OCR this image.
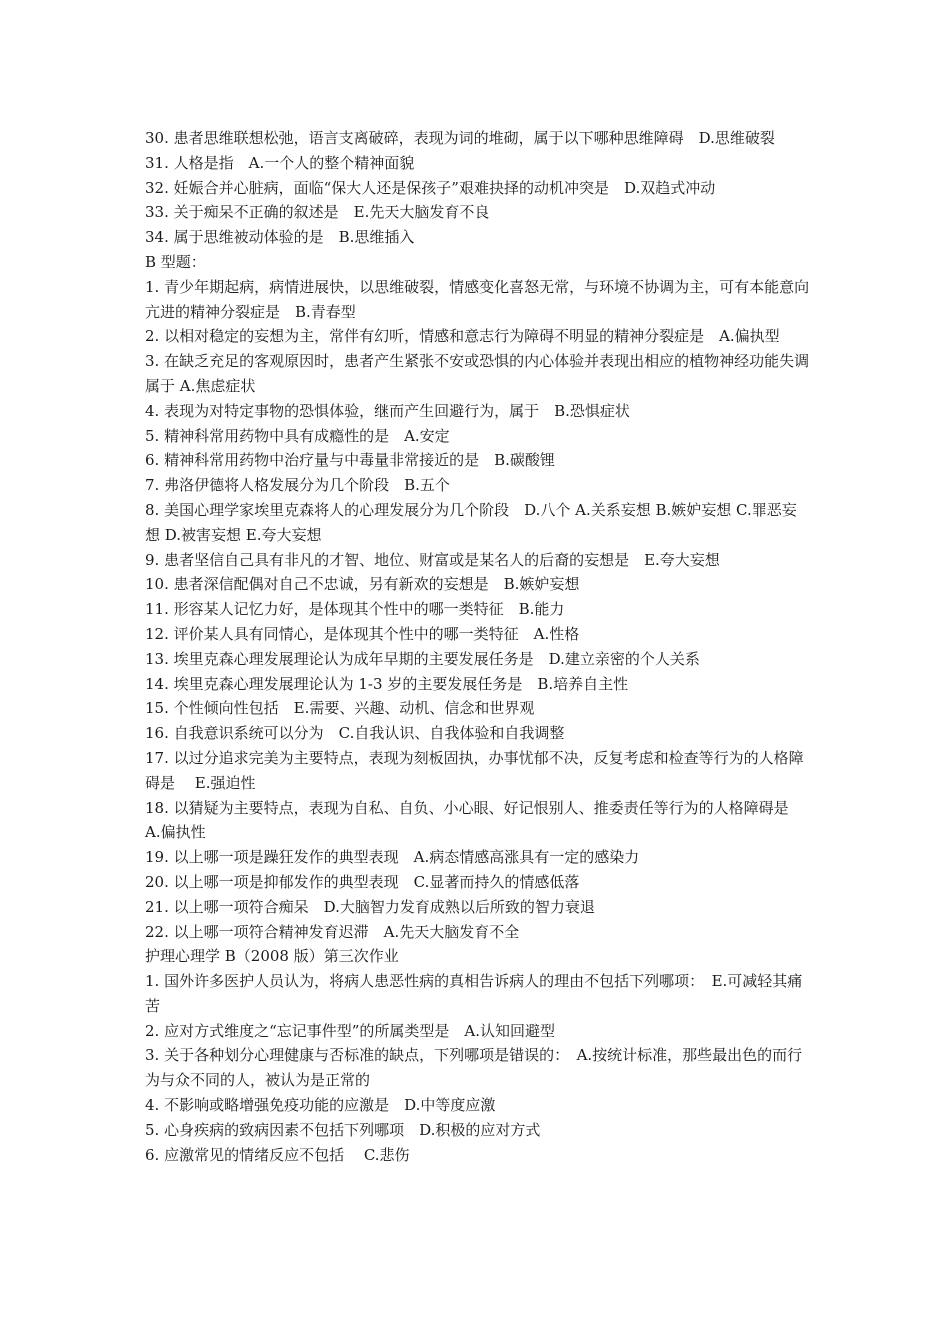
30. 患者思维联想松弛，语言支离破碎，表现为词的堆砌，属于以下哪种思维障碍　D.思维破裂

31. 人格是指　A.一个人的整个精神面貌

32. 妊娠合并心脏病，面临“保大人还是保孩子”艰难抉择的动机冲突是　D.双趋式冲动

33. 关于痴呆不正确的叙述是　E.先天大脑发育不良

34. 属于思维被动体验的是　B.思维插入

B 型题：

1. 青少年期起病，病情进展快，以思维破裂，情感变化喜怒无常，与环境不协调为主，可有本能意向亢进的精神分裂症是　B.青春型

2. 以相对稳定的妄想为主，常伴有幻听，情感和意志行为障碍不明显的精神分裂症是　A.偏执型

3. 在缺乏充足的客观原因时，患者产生紧张不安或恐惧的内心体验并表现出相应的植物神经功能失调属于 A.焦虑症状

4. 表现为对特定事物的恐惧体验，继而产生回避行为，属于　B.恐惧症状

5. 精神科常用药物中具有成瘾性的是　A.安定

6. 精神科常用药物中治疗量与中毒量非常接近的是　B.碳酸锂

7. 弗洛伊德将人格发展分为几个阶段　B.五个

8. 美国心理学家埃里克森将人的心理发展分为几个阶段　D.八个 A.关系妄想 B.嫉妒妄想 C.罪恶妄想 D.被害妄想 E.夸大妄想

9. 患者坚信自己具有非凡的才智、地位、财富或是某名人的后裔的妄想是　E.夸大妄想

10. 患者深信配偶对自己不忠诚，另有新欢的妄想是　B.嫉妒妄想

11. 形容某人记忆力好，是体现其个性中的哪一类特征　B.能力

12. 评价某人具有同情心，是体现其个性中的哪一类特征　A.性格

13. 埃里克森心理发展理论认为成年早期的主要发展任务是　D.建立亲密的个人关系

14. 埃里克森心理发展理论认为 1-3 岁的主要发展任务是　B.培养自主性

15. 个性倾向性包括　E.需要、兴趣、动机、信念和世界观

16. 自我意识系统可以分为　C.自我认识、自我体验和自我调整

17. 以过分追求完美为主要特点，表现为刻板固执，办事忧郁不决，反复考虑和检查等行为的人格障碍是　 E.强迫性

18. 以猜疑为主要特点，表现为自私、自负、小心眼、好记恨别人、推委责任等行为的人格障碍是　A.偏执性

19. 以上哪一项是躁狂发作的典型表现　A.病态情感高涨具有一定的感染力

20. 以上哪一项是抑郁发作的典型表现　C.显著而持久的情感低落

21. 以上哪一项符合痴呆　D.大脑智力发育成熟以后所致的智力衰退

22. 以上哪一项符合精神发育迟滞　A.先天大脑发育不全

护理心理学 B（2008 版）第三次作业

1. 国外许多医护人员认为，将病人患恶性病的真相告诉病人的理由不包括下列哪项：　E.可减轻其痛苦

2. 应对方式维度之“忘记事件型”的所属类型是　A.认知回避型

3. 关于各种划分心理健康与否标准的缺点，下列哪项是错误的：　A.按统计标准，那些最出色的而行为与众不同的人，被认为是正常的

4. 不影响或略增强免疫功能的应激是　D.中等度应激

5. 心身疾病的致病因素不包括下列哪项　D.积极的应对方式

6. 应激常见的情绪反应不包括　 C.悲伤
